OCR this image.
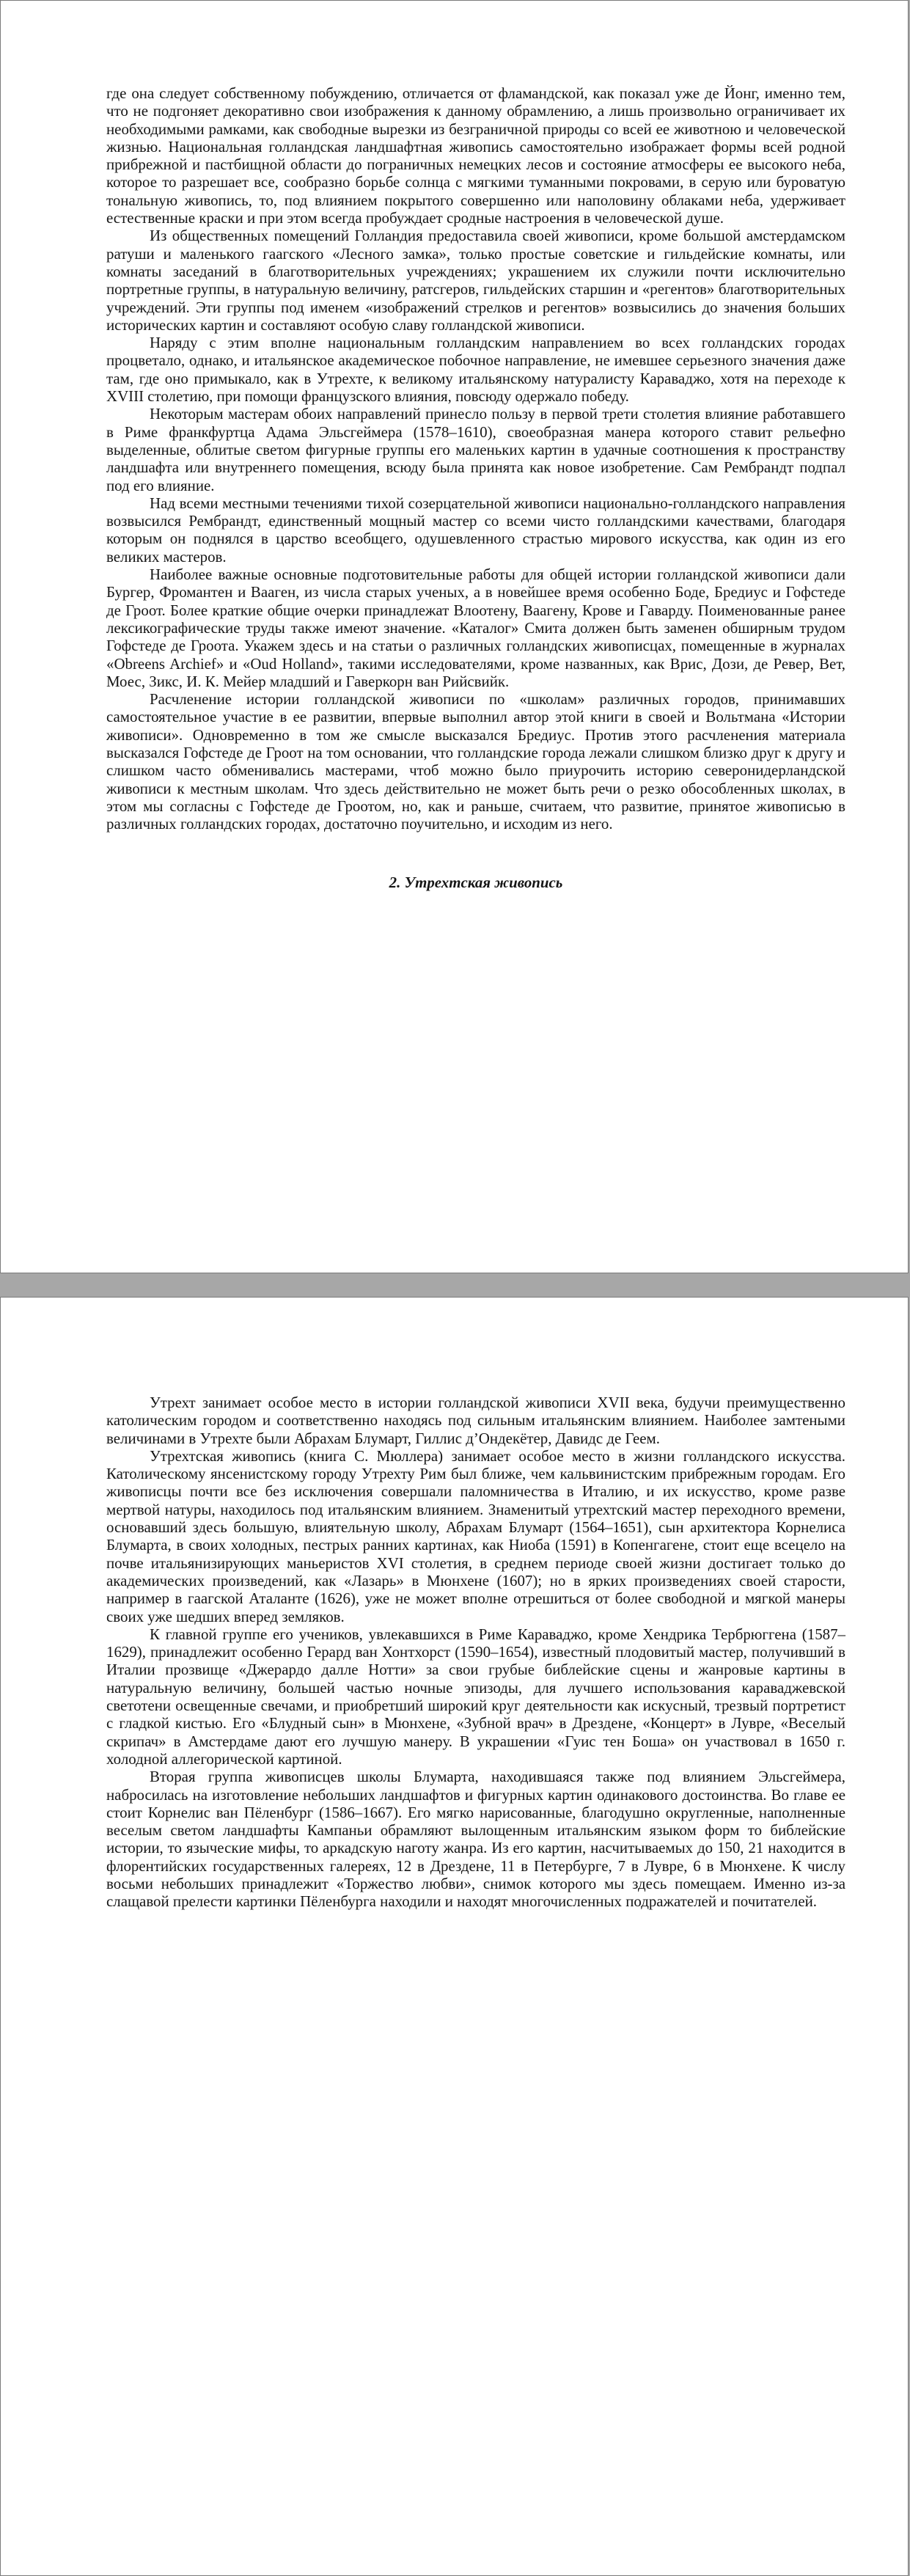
где она следует собственному побуждению, отличается от фламандской, как показал уже де Йонг, именно тем, что не подгоняет декоративно свои изображения к данному обрамлению, а лишь произвольно ограничивает их необходимыми рамками, как свободные вырезки из безграничной природы со всей ее животною и человеческой жизнью. Национальная голландская ландшафтная живопись самостоятельно изображает формы всей родной прибрежной и пастбищной области до пограничных немецких лесов и состояние атмосферы ее высокого неба, которое то разрешает все, сообразно борьбе солнца с мягкими туманными покровами, в серую или буроватую тональную живопись, то, под влиянием покрытого совершенно или наполовину облаками неба, удерживает естественные краски и при этом всегда пробуждает сродные настроения в человеческой душе.

Из общественных помещений Голландия предоставила своей живописи, кроме большой амстердамском ратуши и маленького гаагского «Лесного замка», только простые советские и гильдейские комнаты, или комнаты заседаний в благотворительных учреждениях; украшением их служили почти исключительно портретные группы, в натуральную величину, ратсгеров, гильдейских старшин и «регентов» благотворительных учреждений. Эти группы под именем «изображений стрелков и регентов» возвысились до значения больших исторических картин и составляют особую славу голландской живописи.

Наряду с этим вполне национальным голландским направлением во всех голландских городах процветало, однако, и итальянское академическое побочное направление, не имевшее серьезного значения даже там, где оно примыкало, как в Утрехте, к великому итальянскому натуралисту Караваджо, хотя на переходе к XVIII столетию, при помощи французского влияния, повсюду одержало победу.

Некоторым мастерам обоих направлений принесло пользу в первой трети столетия влияние работавшего в Риме франкфуртца Адама Эльсгеймера (1578–1610), своеобразная манера которого ставит рельефно выделенные, облитые светом фигурные группы его маленьких картин в удачные соотношения к пространству ландшафта или внутреннего помещения, всюду была принята как новое изобретение. Сам Рембрандт подпал под его влияние.

Над всеми местными течениями тихой созерцательной живописи национально-голландского направления возвысился Рембрандт, единственный мощный мастер со всеми чисто голландскими качествами, благодаря которым он поднялся в царство всеобщего, одушевленного страстью мирового искусства, как один из его великих мастеров.

Наиболее важные основные подготовительные работы для общей истории голландской живописи дали Бургер, Фромантен и Вааген, из числа старых ученых, а в новейшее время особенно Боде, Бредиус и Гофстеде де Гроот. Более краткие общие очерки принадлежат Влоотену, Ваагену, Крове и Гаварду. Поименованные ранее лексикографические труды также имеют значение. «Каталог» Смита должен быть заменен обширным трудом Гофстеде де Гроота. Укажем здесь и на статьи о различных голландских живописцах, помещенные в журналах «Obreens Archief» и «Oud Holland», такими исследователями, кроме названных, как Врис, Дози, де Ревер, Вет, Моес, Зикс, И. К. Мейер младший и Гаверкорн ван Рийсвийк.

Расчленение истории голландской живописи по «школам» различных городов, принимавших самостоятельное участие в ее развитии, впервые выполнил автор этой книги в своей и Вольтмана «Истории живописи». Одновременно в том же смысле высказался Бредиус. Против этого расчленения материала высказался Гофстеде де Гроот на том основании, что голландские города лежали слишком близко друг к другу и слишком часто обменивались мастерами, чтоб можно было приурочить историю северонидерландской живописи к местным школам. Что здесь действительно не может быть речи о резко обособленных школах, в этом мы согласны с Гофстеде де Гроотом, но, как и раньше, считаем, что развитие, принятое живописью в различных голландских городах, достаточно поучительно, и исходим из него.

2. Утрехтская живопись

Утрехт занимает особое место в истории голландской живописи XVII века, будучи преимущественно католическим городом и соответственно находясь под сильным итальянским влиянием. Наиболее замтеными величинами в Утрехте были Абрахам Блумарт, Гиллис д’Ондекётер, Давидс де Геем.

Утрехтская живопись (книга С. Мюллера) занимает особое место в жизни голландского искусства. Католическому янсенистскому городу Утрехту Рим был ближе, чем кальвинистским прибрежным городам. Его живописцы почти все без исключения совершали паломничества в Италию, и их искусство, кроме разве мертвой натуры, находилось под итальянским влиянием. Знаменитый утрехтский мастер переходного времени, основавший здесь большую, влиятельную школу, Абрахам Блумарт (1564–1651), сын архитектора Корнелиса Блумарта, в своих холодных, пестрых ранних картинах, как Ниоба (1591) в Копенгагене, стоит еще всецело на почве итальянизирующих маньеристов XVI столетия, в среднем периоде своей жизни достигает только до академических произведений, как «Лазарь» в Мюнхене (1607); но в ярких произведениях своей старости, например в гаагской Аталанте (1626), уже не может вполне отрешиться от более свободной и мягкой манеры своих уже шедших вперед земляков.

К главной группе его учеников, увлекавшихся в Риме Караваджо, кроме Хендрика Тербрюггена (1587–1629), принадлежит особенно Герард ван Хонтхорст (1590–1654), известный плодовитый мастер, получивший в Италии прозвище «Джерардо далле Нотти» за свои грубые библейские сцены и жанровые картины в натуральную величину, большей частью ночные эпизоды, для лучшего использования караваджевской светотени освещенные свечами, и приобретший широкий круг деятельности как искусный, трезвый портретист с гладкой кистью. Его «Блудный сын» в Мюнхене, «Зубной врач» в Дрездене, «Концерт» в Лувре, «Веселый скрипач» в Амстердаме дают его лучшую манеру. В украшении «Гуис тен Боша» он участвовал в 1650 г. холодной аллегорической картиной.

Вторая группа живописцев школы Блумарта, находившаяся также под влиянием Эльсгеймера, набросилась на изготовление небольших ландшафтов и фигурных картин одинакового достоинства. Во главе ее стоит Корнелис ван Пёленбург (1586–1667). Его мягко нарисованные, благодушно округленные, наполненные веселым светом ландшафты Кампаньи обрамляют вылощенным итальянским языком форм то библейские истории, то языческие мифы, то аркадскую наготу жанра. Из его картин, насчитываемых до 150, 21 находится в флорентийских государственных галереях, 12 в Дрездене, 11 в Петербурге, 7 в Лувре, 6 в Мюнхене. К числу восьми небольших принадлежит «Торжество любви», снимок которого мы здесь помещаем. Именно из-за слащавой прелести картинки Пёленбурга находили и находят многочисленных подражателей и почитателей.
